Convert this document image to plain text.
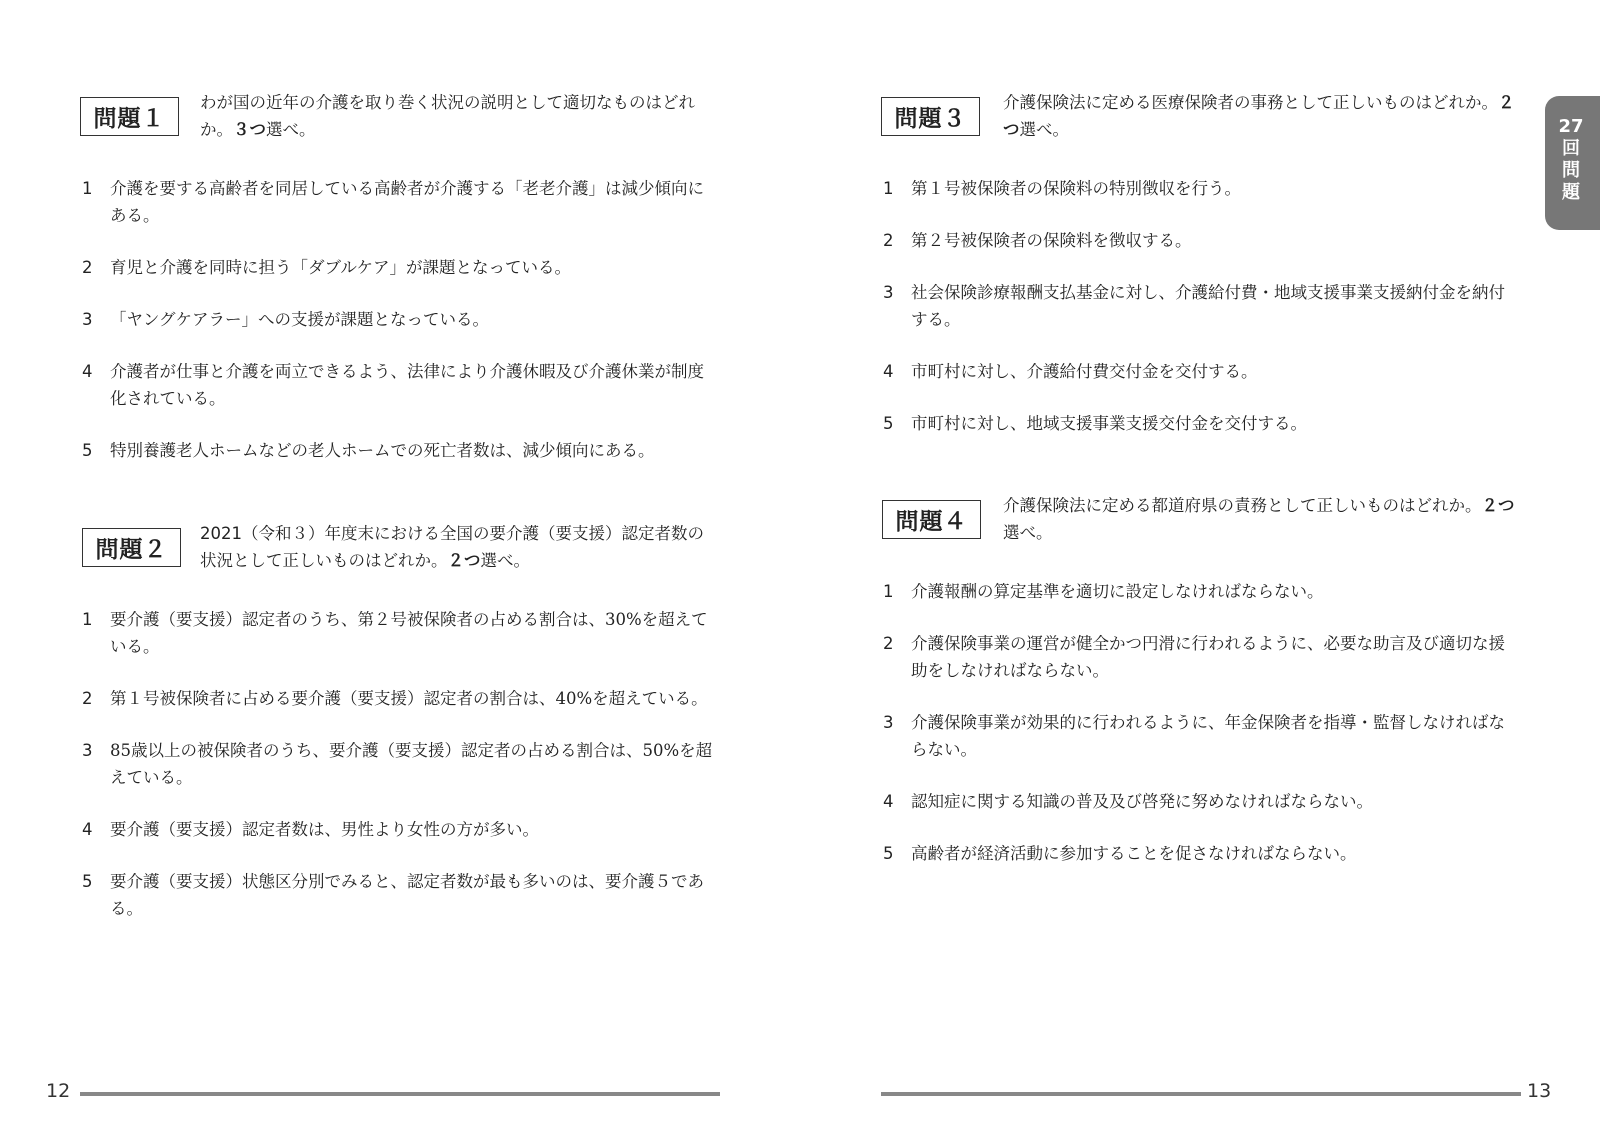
問題１
わが国の近年の介護を取り巻く状況の説明として適切なものはどれか。３つ選べ。
1 介護を要する高齢者を同居している高齢者が介護する「老老介護」は減少傾向にある。
2 育児と介護を同時に担う「ダブルケア」が課題となっている。
3 「ヤングケアラー」への支援が課題となっている。
4 介護者が仕事と介護を両立できるよう、法律により介護休暇及び介護休業が制度化されている。
5 特別養護老人ホームなどの老人ホームでの死亡者数は、減少傾向にある。
問題２
2021（令和３）年度末における全国の要介護（要支援）認定者数の状況として正しいものはどれか。２つ選べ。
1 要介護（要支援）認定者のうち、第２号被保険者の占める割合は、30%を超えている。
2 第１号被保険者に占める要介護（要支援）認定者の割合は、40%を超えている。
3 85歳以上の被保険者のうち、要介護（要支援）認定者の占める割合は、50%を超えている。
4 要介護（要支援）認定者数は、男性より女性の方が多い。
5 要介護（要支援）状態区分別でみると、認定者数が最も多いのは、要介護５である。
12
問題３
介護保険法に定める医療保険者の事務として正しいものはどれか。２つ選べ。
1 第１号被保険者の保険料の特別徴収を行う。
2 第２号被保険者の保険料を徴収する。
3 社会保険診療報酬支払基金に対し、介護給付費・地域支援事業支援納付金を納付する。
4 市町村に対し、介護給付費交付金を交付する。
5 市町村に対し、地域支援事業支援交付金を交付する。
問題４
介護保険法に定める都道府県の責務として正しいものはどれか。２つ選べ。
1 介護報酬の算定基準を適切に設定しなければならない。
2 介護保険事業の運営が健全かつ円滑に行われるように、必要な助言及び適切な援助をしなければならない。
3 介護保険事業が効果的に行われるように、年金保険者を指導・監督しなければならない。
4 認知症に関する知識の普及及び啓発に努めなければならない。
5 高齢者が経済活動に参加することを促さなければならない。
13
27
回
問
題
